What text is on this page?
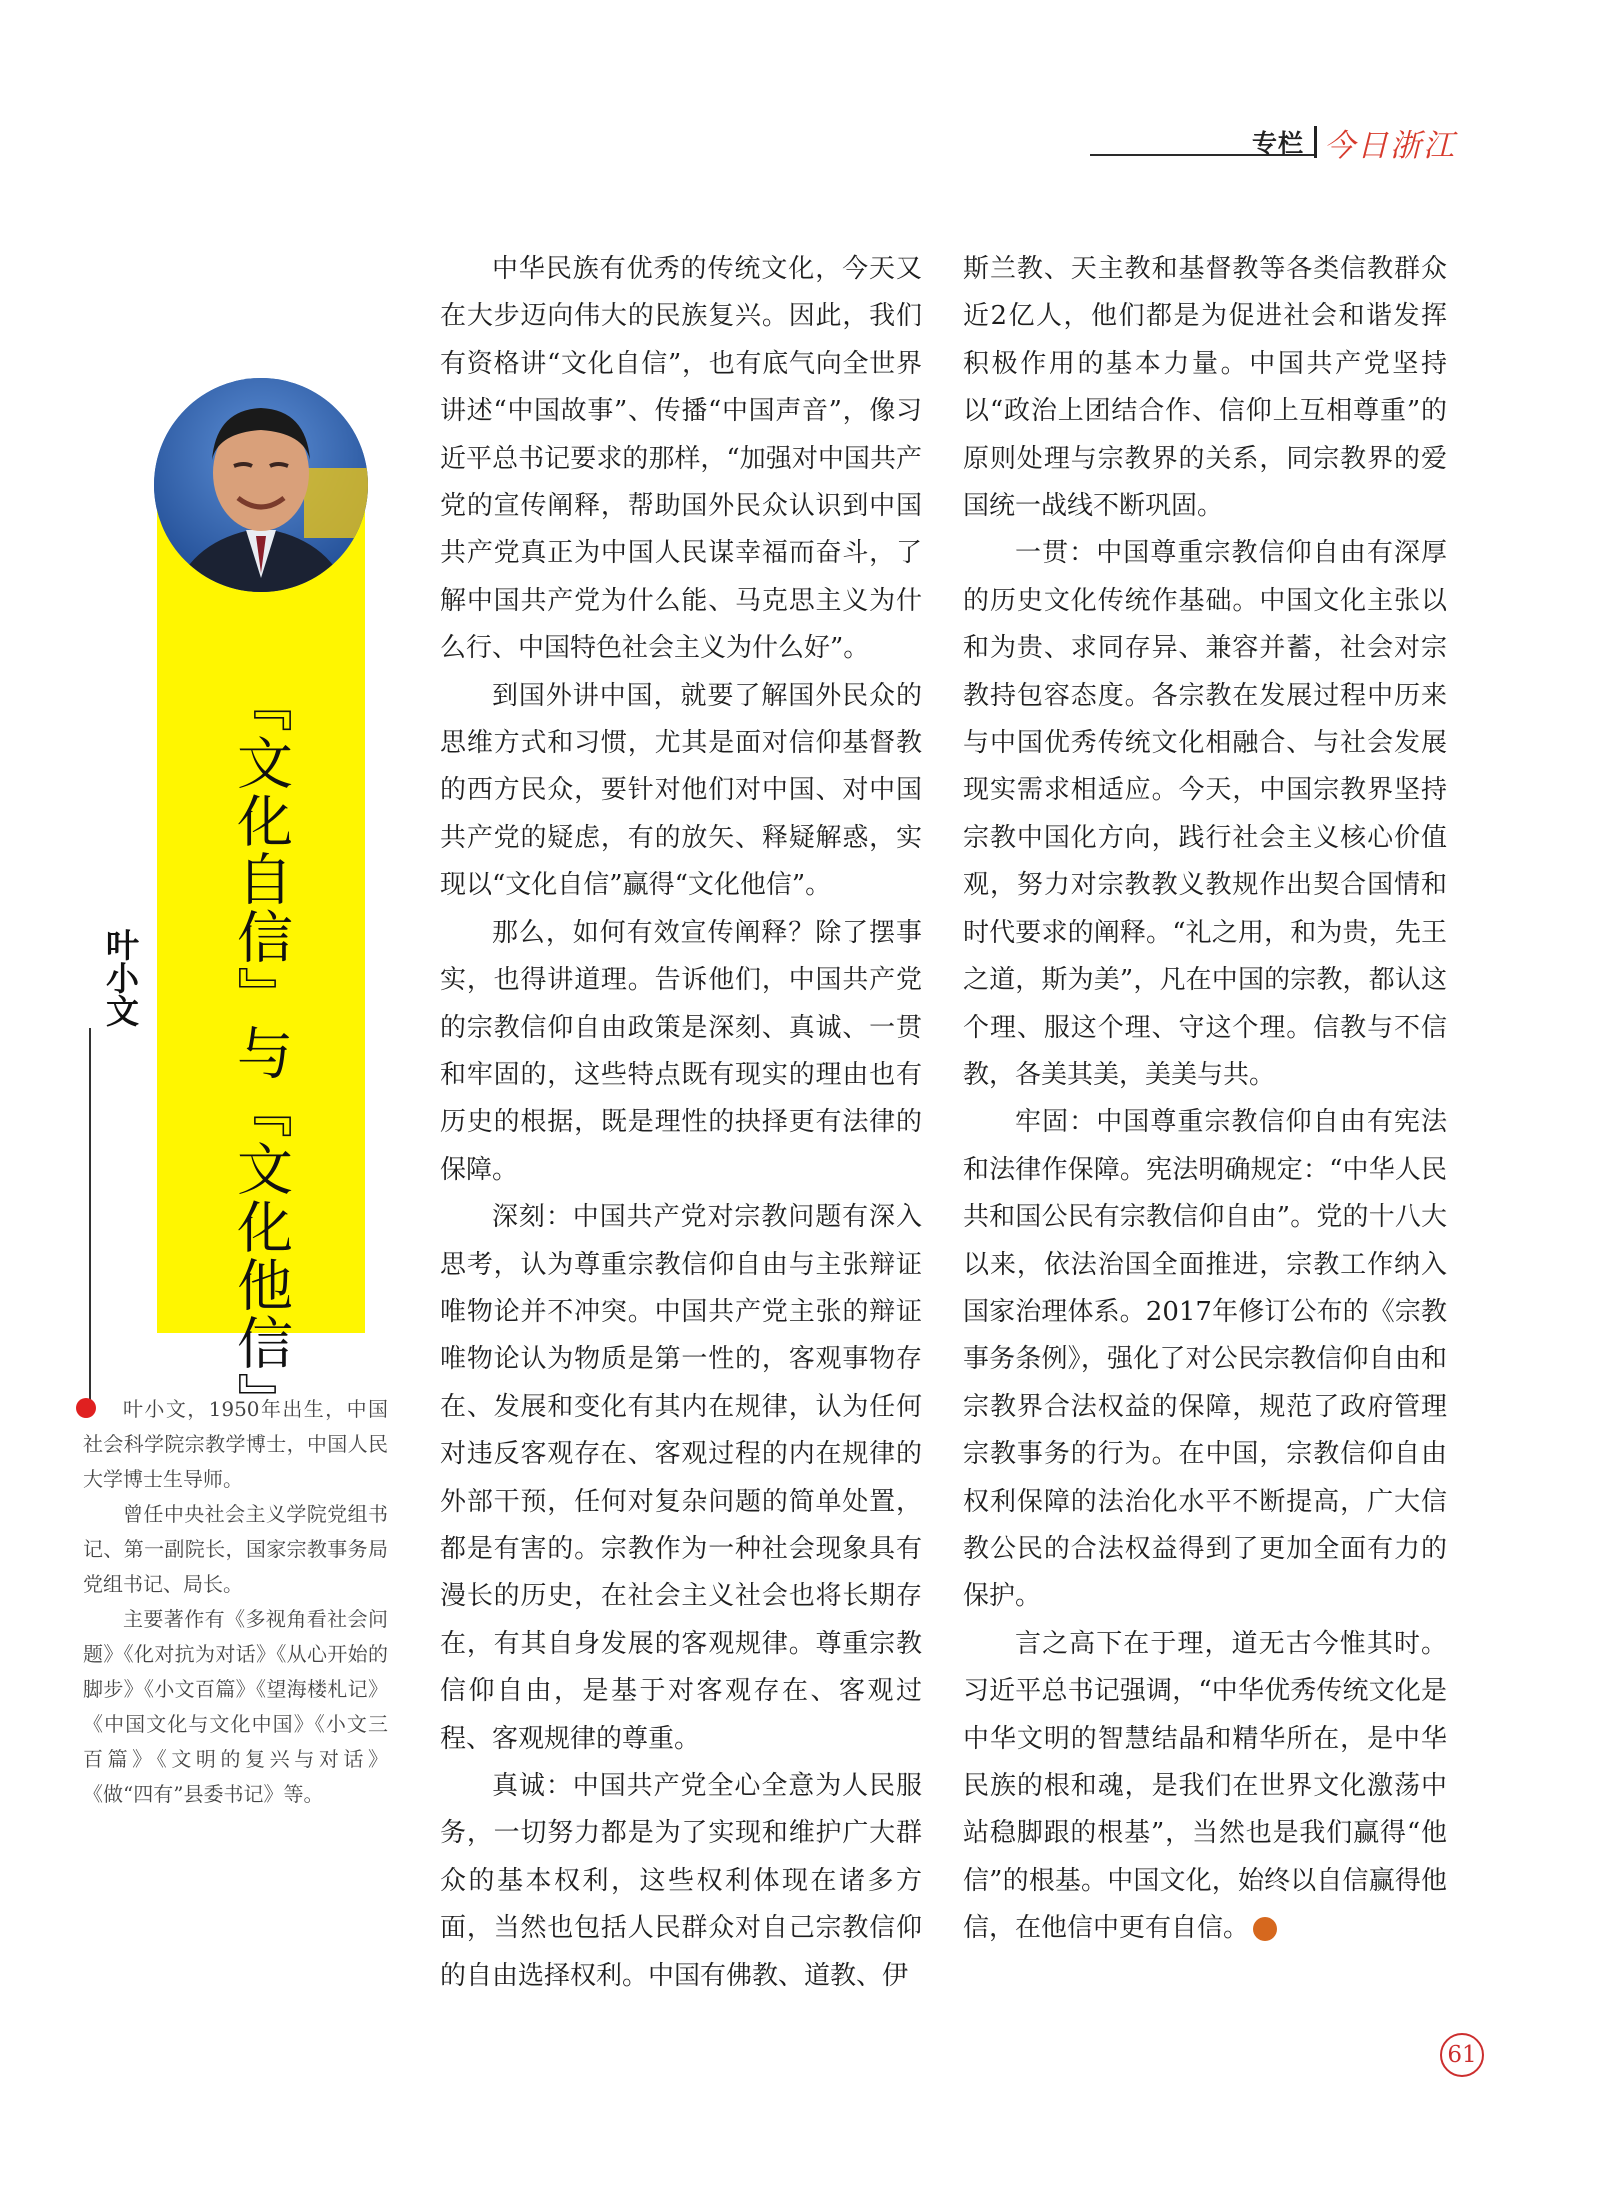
专栏 今日浙江
『文化自信』与『文化他信』
叶小文

叶小文，1950年出生，中国社会科学院宗教学博士，中国人民大学博士生导师。

曾任中央社会主义学院党组书记、第一副院长，国家宗教事务局党组书记、局长。

主要著作有《多视角看社会问题》《化对抗为对话》《从心开始的脚步》《小文百篇》《望海楼札记》《中国文化与文化中国》《小文三百篇》《文明的复兴与对话》《做“四有”县委书记》等。

中华民族有优秀的传统文化，今天又在大步迈向伟大的民族复兴。因此，我们有资格讲“文化自信”，也有底气向全世界讲述“中国故事”、传播“中国声音”，像习近平总书记要求的那样，“加强对中国共产党的宣传阐释，帮助国外民众认识到中国共产党真正为中国人民谋幸福而奋斗，了解中国共产党为什么能、马克思主义为什么行、中国特色社会主义为什么好”。

到国外讲中国，就要了解国外民众的思维方式和习惯，尤其是面对信仰基督教的西方民众，要针对他们对中国、对中国共产党的疑虑，有的放矢、释疑解惑，实现以“文化自信”赢得“文化他信”。

那么，如何有效宣传阐释？除了摆事实，也得讲道理。告诉他们，中国共产党的宗教信仰自由政策是深刻、真诚、一贯和牢固的，这些特点既有现实的理由也有历史的根据，既是理性的抉择更有法律的保障。

深刻：中国共产党对宗教问题有深入思考，认为尊重宗教信仰自由与主张辩证唯物论并不冲突。中国共产党主张的辩证唯物论认为物质是第一性的，客观事物存在、发展和变化有其内在规律，认为任何对违反客观存在、客观过程的内在规律的外部干预，任何对复杂问题的简单处置，都是有害的。宗教作为一种社会现象具有漫长的历史，在社会主义社会也将长期存在，有其自身发展的客观规律。尊重宗教信仰自由，是基于对客观存在、客观过程、客观规律的尊重。

真诚：中国共产党全心全意为人民服务，一切努力都是为了实现和维护广大群众的基本权利，这些权利体现在诸多方面，当然也包括人民群众对自己宗教信仰的自由选择权利。中国有佛教、道教、伊

斯兰教、天主教和基督教等各类信教群众近2亿人，他们都是为促进社会和谐发挥积极作用的基本力量。中国共产党坚持以“政治上团结合作、信仰上互相尊重”的原则处理与宗教界的关系，同宗教界的爱国统一战线不断巩固。

一贯：中国尊重宗教信仰自由有深厚的历史文化传统作基础。中国文化主张以和为贵、求同存异、兼容并蓄，社会对宗教持包容态度。各宗教在发展过程中历来与中国优秀传统文化相融合、与社会发展现实需求相适应。今天，中国宗教界坚持宗教中国化方向，践行社会主义核心价值观，努力对宗教教义教规作出契合国情和时代要求的阐释。“礼之用，和为贵，先王之道，斯为美”，凡在中国的宗教，都认这个理、服这个理、守这个理。信教与不信教，各美其美，美美与共。

牢固：中国尊重宗教信仰自由有宪法和法律作保障。宪法明确规定：“中华人民共和国公民有宗教信仰自由”。党的十八大以来，依法治国全面推进，宗教工作纳入国家治理体系。2017年修订公布的《宗教事务条例》，强化了对公民宗教信仰自由和宗教界合法权益的保障，规范了政府管理宗教事务的行为。在中国，宗教信仰自由权利保障的法治化水平不断提高，广大信教公民的合法权益得到了更加全面有力的保护。

言之高下在于理，道无古今惟其时。习近平总书记强调，“中华优秀传统文化是中华文明的智慧结晶和精华所在，是中华民族的根和魂，是我们在世界文化激荡中站稳脚跟的根基”，当然也是我们赢得“他信”的根基。中国文化，始终以自信赢得他信，在他信中更有自信。

61
